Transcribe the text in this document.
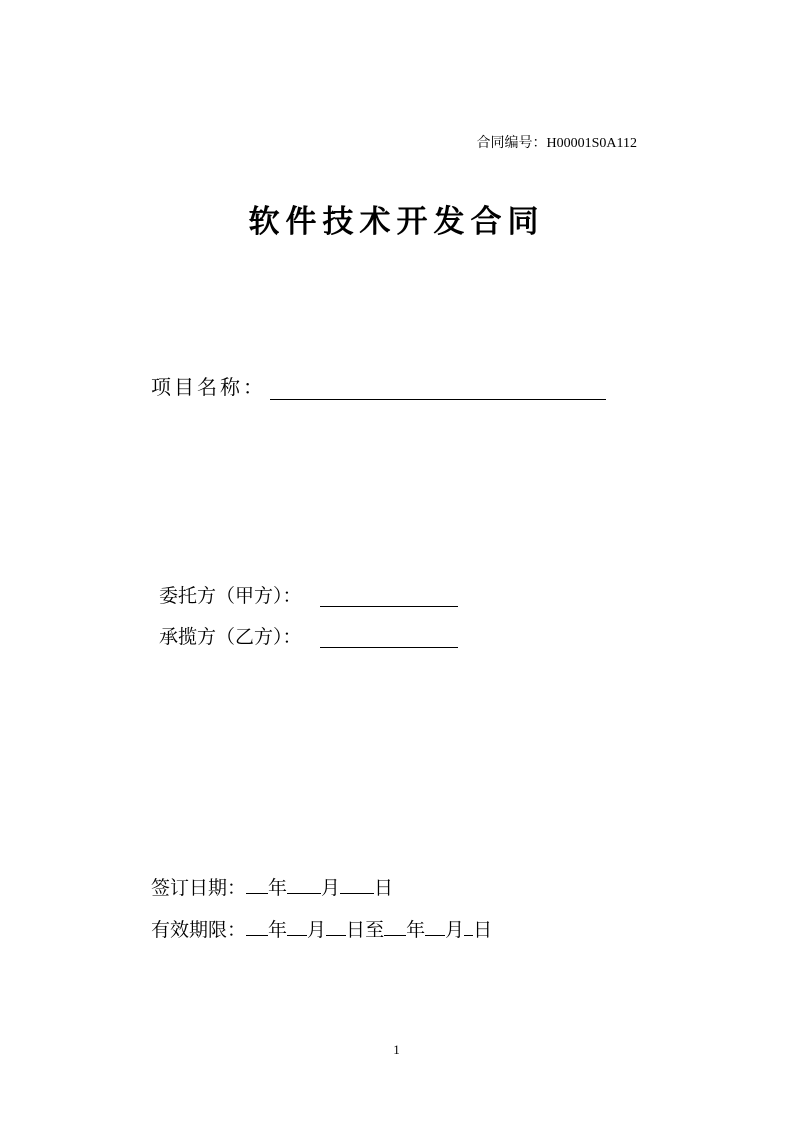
合同编号：H00001S0A112
软件技术开发合同
项目名称：
委托方（甲方）：
承揽方（乙方）：
签订日期： 年 月 日
有效期限： 年 月 日至 年 月 日
1
